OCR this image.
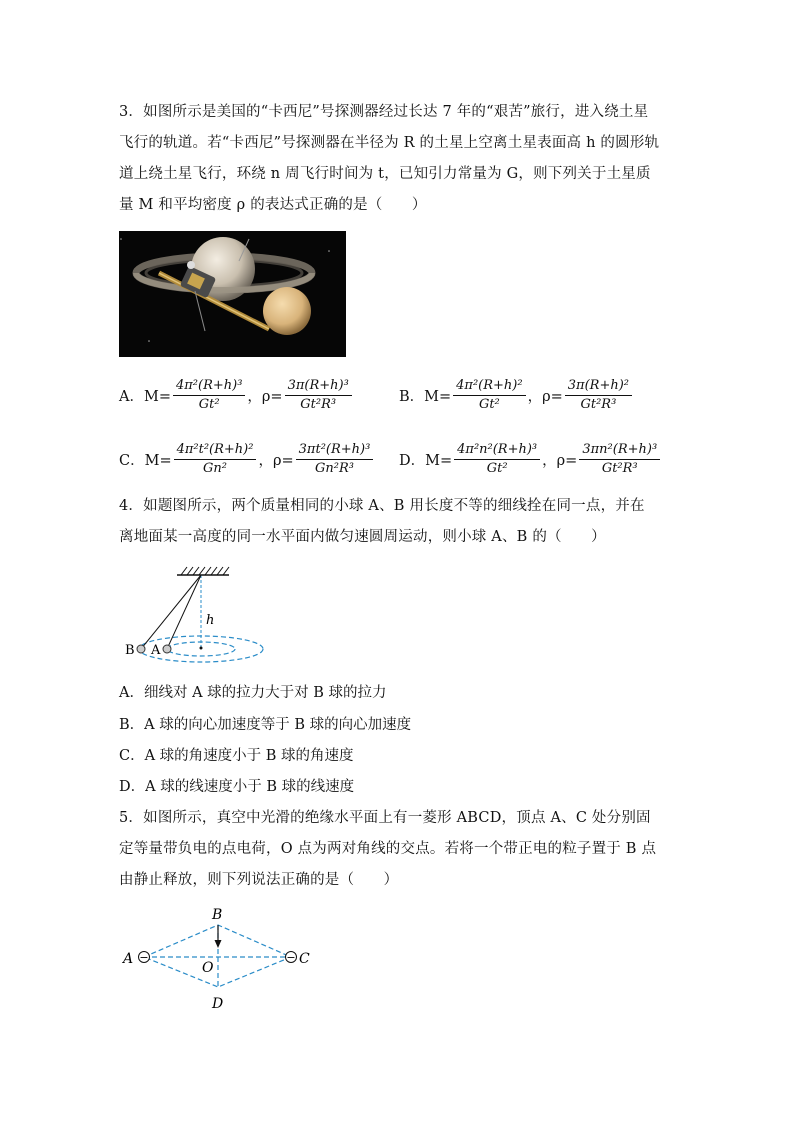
3．如图所示是美国的“卡西尼”号探测器经过长达 7 年的“艰苦”旅行，进入绕土星
飞行的轨道。若“卡西尼”号探测器在半径为 R 的土星上空离土星表面高 h 的圆形轨
道上绕土星飞行，环绕 n 周飞行时间为 t，已知引力常量为 G，则下列关于土星质
量 M 和平均密度 ρ 的表达式正确的是（　　）
A．$M= \frac{\text{4π²(R+h)³}}{\text{Gt²}}$ ，$\rho= \frac{\text{3π(R+h)³}}{\text{Gt²R³}}$	B．$M= \frac{\text{4π²(R+h)²}}{\text{Gt²}}$ ，$\rho= \frac{\text{3π(R+h)²}}{\text{Gt²R³}}$
C．$M= \frac{\text{4π²t²(R+h)²}}{\text{Gn²}}$ ，$\rho= \frac{\text{3πt²(R+h)³}}{\text{Gn²R³}}$ D．$M= \frac{\text{4π²n²(R+h)³}}{\text{Gt²}}$ ，$\rho= \frac{\text{3πn²(R+h)³}}{\text{Gt²R³}}$
4．如题图所示，两个质量相同的小球 A、B 用长度不等的细线拴在同一点，并在
离地面某一高度的同一水平面内做匀速圆周运动，则小球 A、B 的（　　）
h
B A
A．细线对 A 球的拉力大于对 B 球的拉力
B．A 球的向心加速度等于 B 球的向心加速度
C．A 球的角速度小于 B 球的角速度
D．A 球的线速度小于 B 球的线速度
5．如图所示，真空中光滑的绝缘水平面上有一菱形 ABCD，顶点 A、C 处分别固
定等量带负电的点电荷，O 点为两对角线的交点。若将一个带正电的粒子置于 B 点
由静止释放，则下列说法正确的是（　　）
−	−
B
A	C
O
D
